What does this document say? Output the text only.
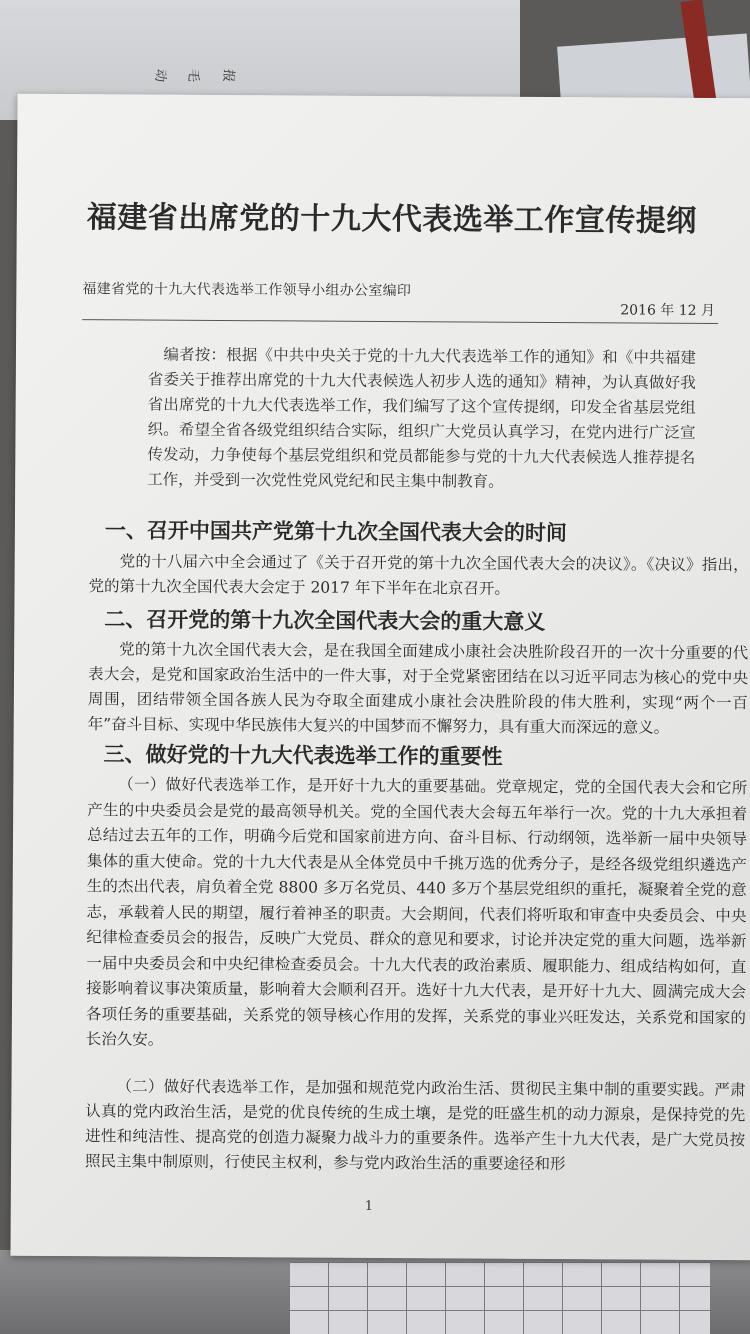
动	毛	报
福建省出席党的十九大代表选举工作宣传提纲
福建省党的十九大代表选举工作领导小组办公室编印
2016 年 12 月
编者按：根据《中共中央关于党的十九大代表选举工作的通知》和《中共福建省委关于推荐出席党的十九大代表候选人初步人选的通知》精神，为认真做好我省出席党的十九大代表选举工作，我们编写了这个宣传提纲，印发全省基层党组织。希望全省各级党组织结合实际，组织广大党员认真学习，在党内进行广泛宣传发动，力争使每个基层党组织和党员都能参与党的十九大代表候选人推荐提名工作，并受到一次党性党风党纪和民主集中制教育。
一、召开中国共产党第十九次全国代表大会的时间
党的十八届六中全会通过了《关于召开党的第十九次全国代表大会的决议》。《决议》指出，党的第十九次全国代表大会定于 2017 年下半年在北京召开。
二、召开党的第十九次全国代表大会的重大意义
党的第十九次全国代表大会，是在我国全面建成小康社会决胜阶段召开的一次十分重要的代表大会，是党和国家政治生活中的一件大事，对于全党紧密团结在以习近平同志为核心的党中央周围，团结带领全国各族人民为夺取全面建成小康社会决胜阶段的伟大胜利，实现“两个一百年”奋斗目标、实现中华民族伟大复兴的中国梦而不懈努力，具有重大而深远的意义。
三、做好党的十九大代表选举工作的重要性
（一）做好代表选举工作，是开好十九大的重要基础。党章规定，党的全国代表大会和它所产生的中央委员会是党的最高领导机关。党的全国代表大会每五年举行一次。党的十九大承担着总结过去五年的工作，明确今后党和国家前进方向、奋斗目标、行动纲领，选举新一届中央领导集体的重大使命。党的十九大代表是从全体党员中千挑万选的优秀分子，是经各级党组织遴选产生的杰出代表，肩负着全党 8800 多万名党员、440 多万个基层党组织的重托，凝聚着全党的意志，承载着人民的期望，履行着神圣的职责。大会期间，代表们将听取和审查中央委员会、中央纪律检查委员会的报告，反映广大党员、群众的意见和要求，讨论并决定党的重大问题，选举新一届中央委员会和中央纪律检查委员会。十九大代表的政治素质、履职能力、组成结构如何，直接影响着议事决策质量，影响着大会顺利召开。选好十九大代表，是开好十九大、圆满完成大会各项任务的重要基础，关系党的领导核心作用的发挥，关系党的事业兴旺发达，关系党和国家的长治久安。
（二）做好代表选举工作，是加强和规范党内政治生活、贯彻民主集中制的重要实践。严肃认真的党内政治生活，是党的优良传统的生成土壤，是党的旺盛生机的动力源泉，是保持党的先进性和纯洁性、提高党的创造力凝聚力战斗力的重要条件。选举产生十九大代表，是广大党员按照民主集中制原则，行使民主权利，参与党内政治生活的重要途径和形
1
